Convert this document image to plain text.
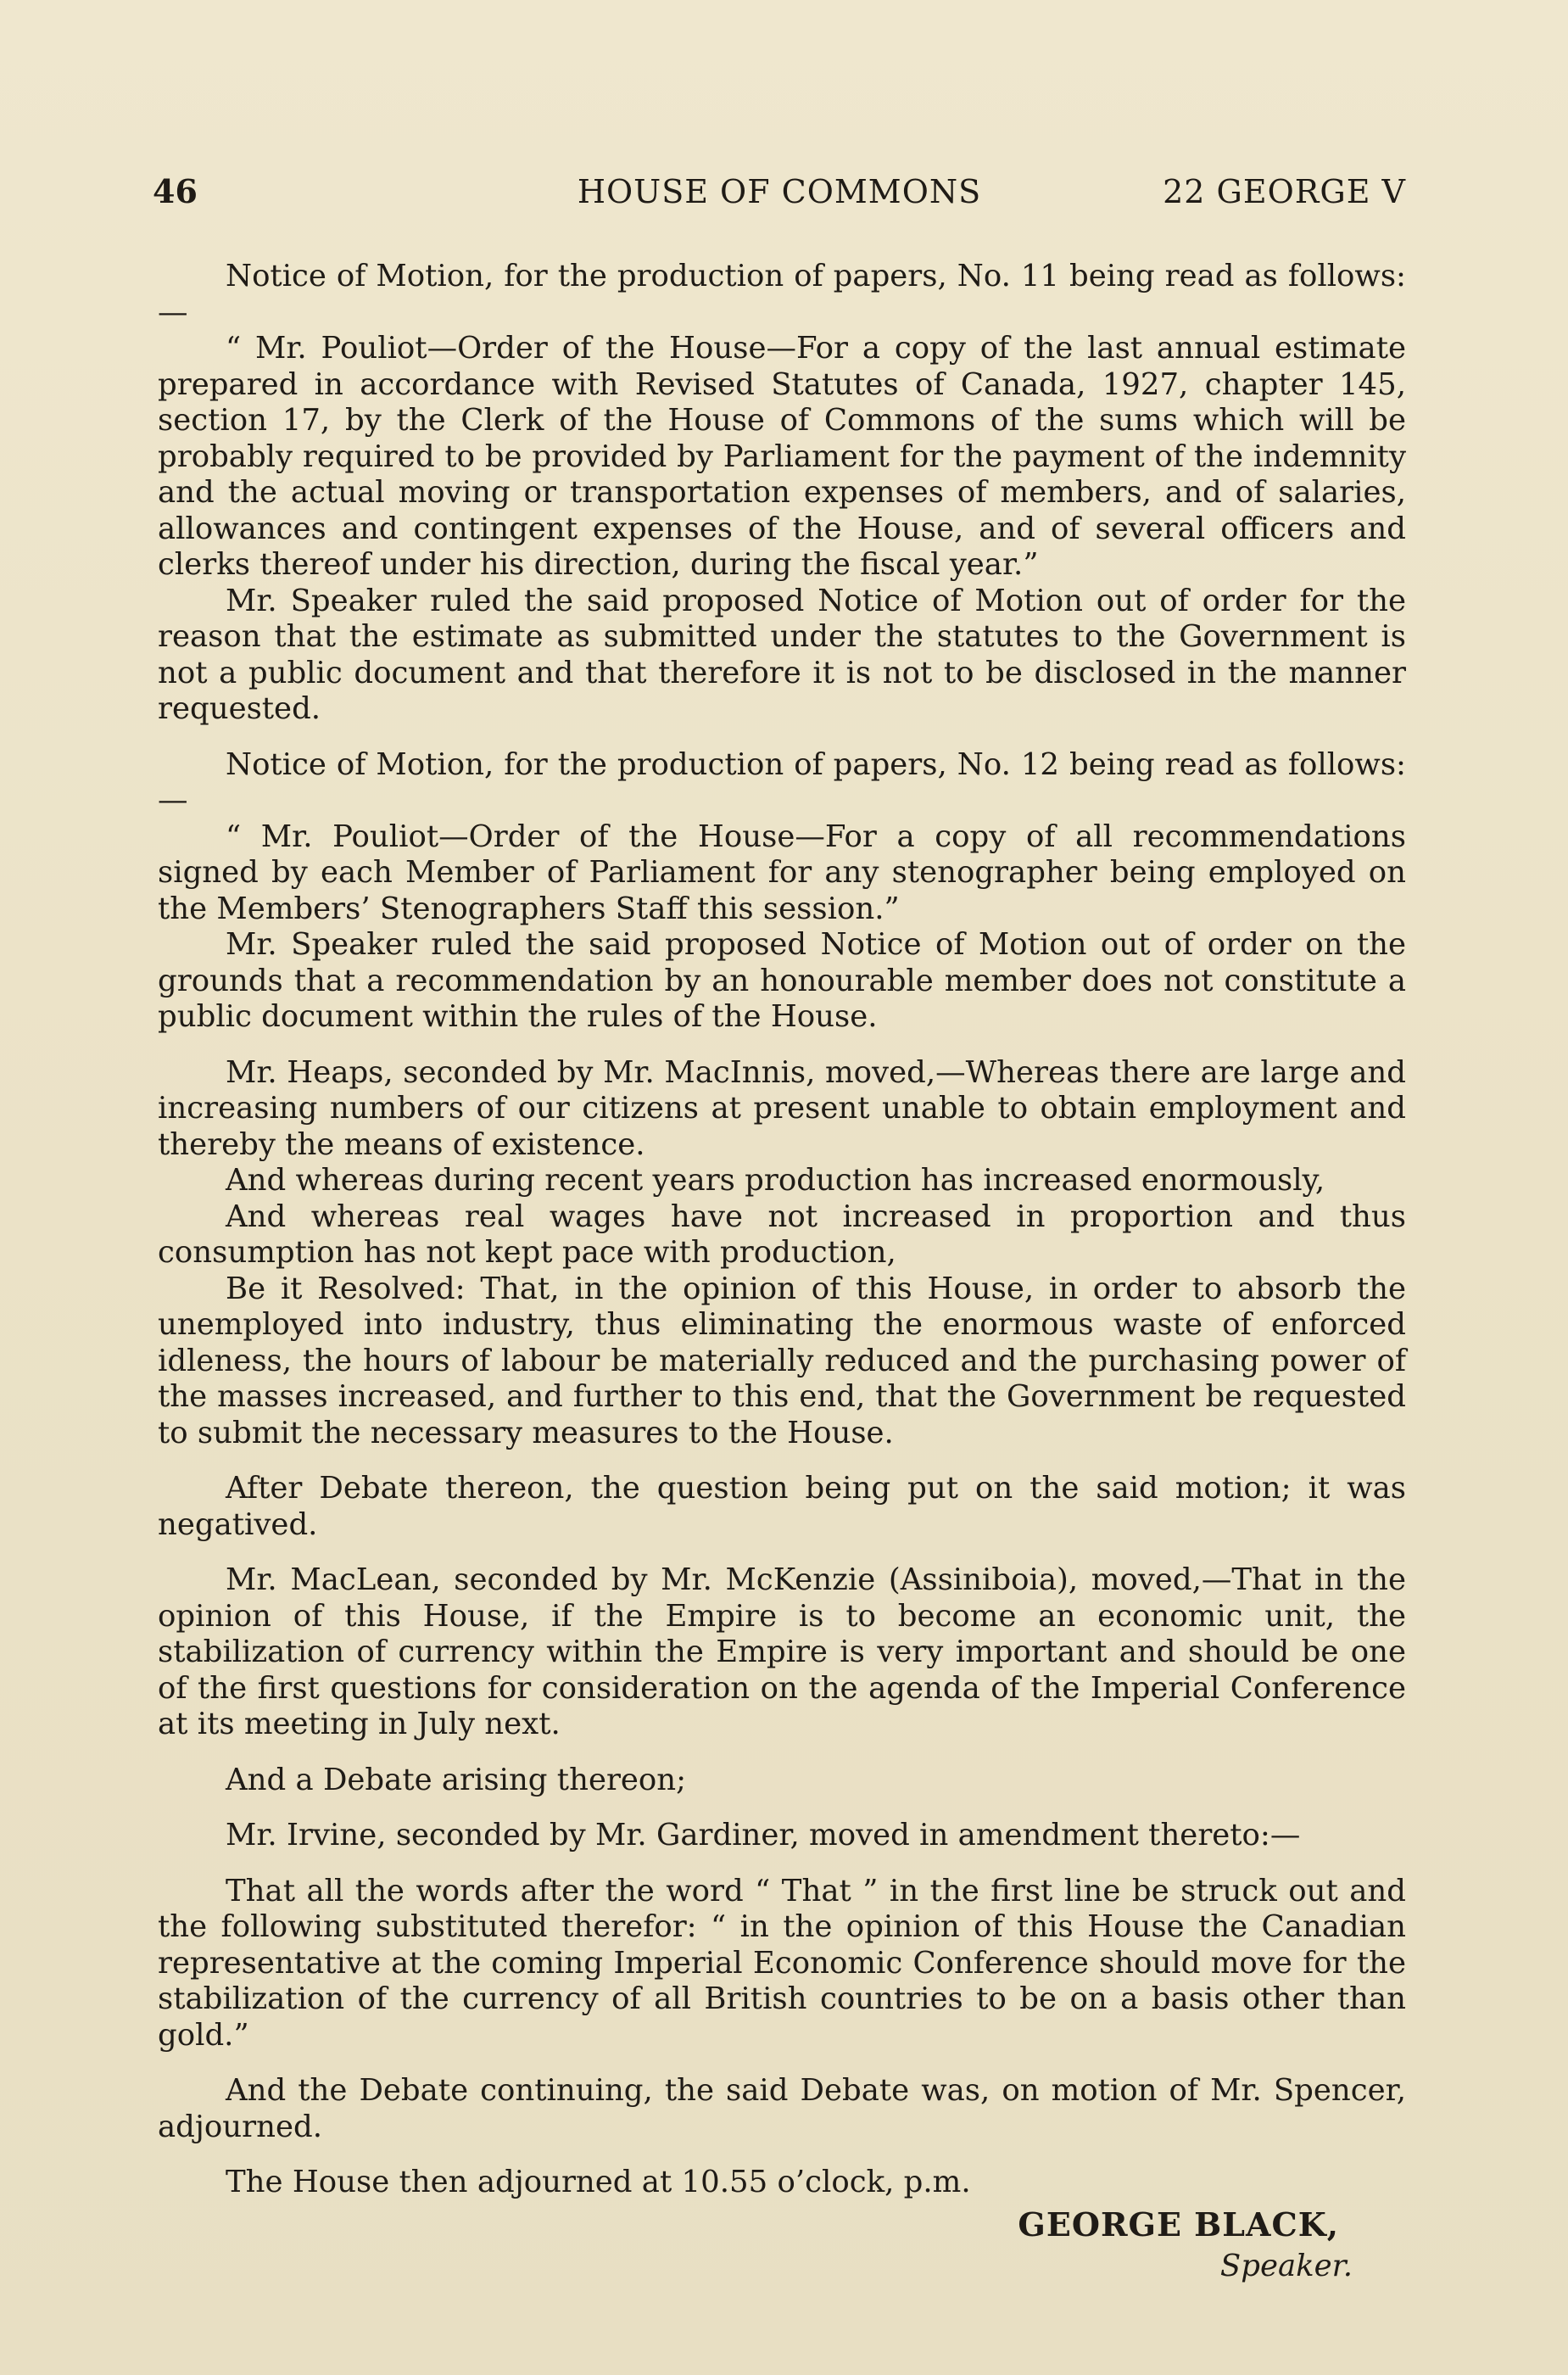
46	HOUSE OF COMMONS	22 GEORGE V

Notice of Motion, for the production of papers, No. 11 being read as follows:—

“ Mr. Pouliot—Order of the House—For a copy of the last annual estimate prepared in accordance with Revised Statutes of Canada, 1927, chapter 145, section 17, by the Clerk of the House of Commons of the sums which will be probably required to be provided by Parliament for the payment of the indemnity and the actual moving or transportation expenses of members, and of salaries, allowances and contingent expenses of the House, and of several officers and clerks thereof under his direction, during the fiscal year.”

Mr. Speaker ruled the said proposed Notice of Motion out of order for the reason that the estimate as submitted under the statutes to the Government is not a public document and that therefore it is not to be disclosed in the manner requested.

Notice of Motion, for the production of papers, No. 12 being read as follows:—

“ Mr. Pouliot—Order of the House—For a copy of all recommendations signed by each Member of Parliament for any stenographer being employed on the Members’ Stenographers Staff this session.”

Mr. Speaker ruled the said proposed Notice of Motion out of order on the grounds that a recommendation by an honourable member does not constitute a public document within the rules of the House.

Mr. Heaps, seconded by Mr. MacInnis, moved,—Whereas there are large and increasing numbers of our citizens at present unable to obtain employment and thereby the means of existence.

And whereas during recent years production has increased enormously,

And whereas real wages have not increased in proportion and thus consumption has not kept pace with production,

Be it Resolved: That, in the opinion of this House, in order to absorb the unemployed into industry, thus eliminating the enormous waste of enforced idleness, the hours of labour be materially reduced and the purchasing power of the masses increased, and further to this end, that the Government be requested to submit the necessary measures to the House.

After Debate thereon, the question being put on the said motion; it was negatived.

Mr. MacLean, seconded by Mr. McKenzie (Assiniboia), moved,—That in the opinion of this House, if the Empire is to become an economic unit, the stabilization of currency within the Empire is very important and should be one of the first questions for consideration on the agenda of the Imperial Conference at its meeting in July next.

And a Debate arising thereon;

Mr. Irvine, seconded by Mr. Gardiner, moved in amendment thereto:—

That all the words after the word “ That ” in the first line be struck out and the following substituted therefor: “ in the opinion of this House the Canadian representative at the coming Imperial Economic Conference should move for the stabilization of the currency of all British countries to be on a basis other than gold.”

And the Debate continuing, the said Debate was, on motion of Mr. Spencer, adjourned.

The House then adjourned at 10.55 o’clock, p.m.

GEORGE BLACK,
Speaker.
